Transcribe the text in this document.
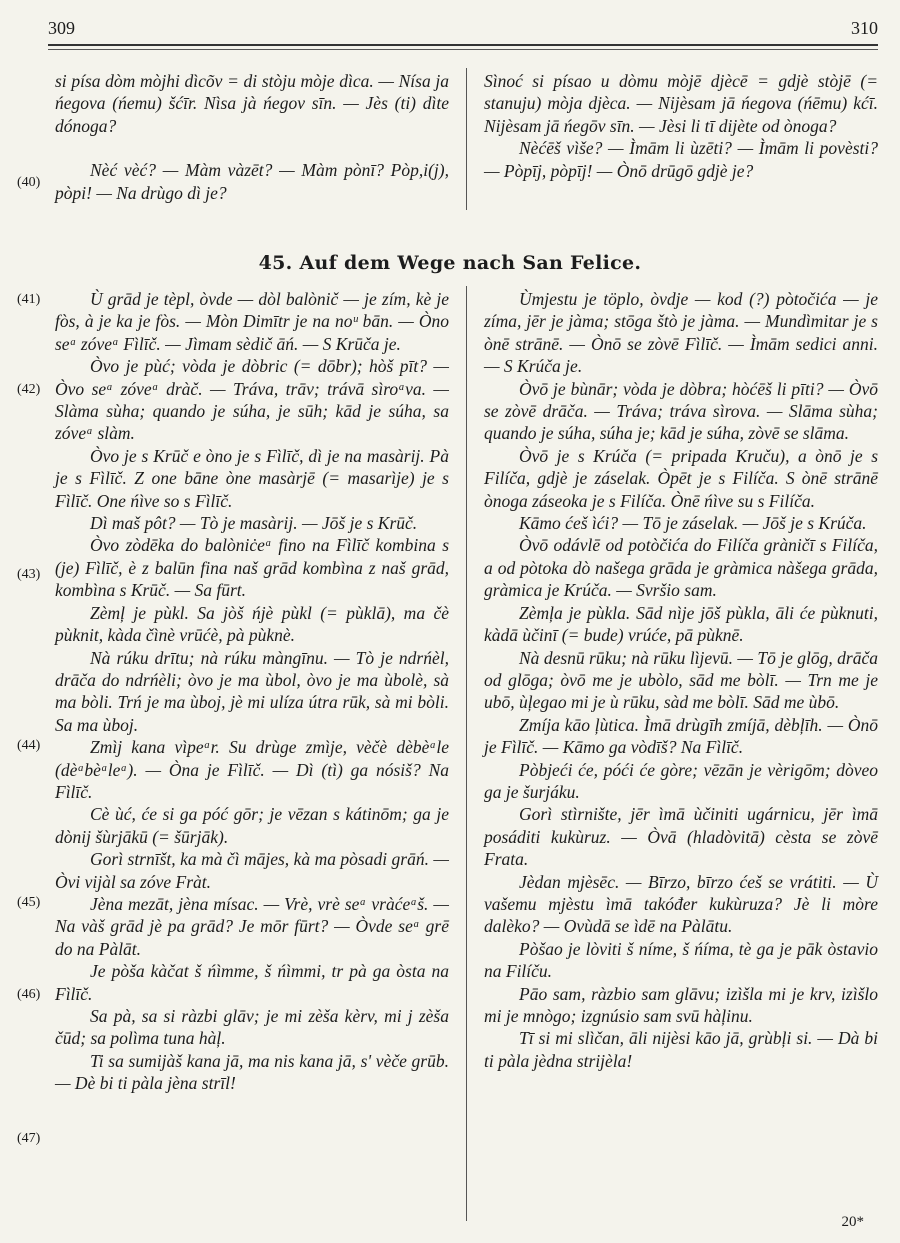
309	310

si písa dòm mòjhi dìcõv = di stòju mòje dìca. — Nísa ja ńegova (ńemu) šćīr. Nìsa jà ńegov sīn. — Jès (ti) dìte dónoga?

Nèć vèć? — Màm vàzēt? — Màm pònī? Pòp,i(j), pòpi! — Na drùgo dì je?

Sìnoć si písao u dòmu mòjē djècē = gdjè stòjē (= stanuju) mòja djèca. — Nijèsam jā ńegova (ńēmu) kćī. Nijèsam jā ńegōv sīn. — Jèsi li tī dijète od ònoga?

Nèćēš vìše? — Ìmām li ùzēti? — Ìmām li povèsti? — Pòpīj, pòpīj! — Ònō drūgō gdjè je?

(40)
45. Auf dem Wege nach San Felice.

Ù grād je tèpl, òvde — dòl balònič — je zím, kè je fòs, à je ka je fòs. — Mòn Dimītr je na noᵘ bān. — Òno seᵃ zóveᵃ Fìlīč. — Jìmam sèdič āń. — S Krūča je.

Òvo je pùć; vòda je dòbric (= dōbr); hòš pīt? — Òvo seᵃ zóveᵃ dràč. — Tráva, trāv; trávā sìroᵃva. — Slàma sùha; quando je súha, je sūh; kād je súha, sa zóveᵃ slàm.

Òvo je s Krūč e òno je s Fìlīč, dì je na masàrij. Pà je s Fìlīč. Z one bāne òne masàrjē (= masarìje) je s Fìlīč. One ńìve so s Fìlīč.

Dì maš pôt? — Tò je masàrij. — Jōš je s Krūč.

Òvo zòdēka do balòniċeᵃ fino na Fìlīč kombina s (je) Fìlīč, è z balūn fina naš grād kombìna z naš grād, kombìna s Krūč. — Sa fūrt.

Zèmļ je pùkl. Sa jòš ńjè pùkl (= pùklā), ma čè pùknit, kàda čìnè vrūćè, pà pùknè.

Nà rúku drītu; nà rúku màngīnu. — Tò je ndrńèl, drāča do ndrńèli; òvo je ma ùbol, òvo je ma ùbolè, sà ma bòli. Trń je ma ùboj, jè mi ulíza útra rūk, sà mi bòli. Sa ma ùboj.

Zmìj kana vìpeᵃr. Su drùge zmìje, vèčè dèbèᵃle (dèᵃbèᵃleᵃ). — Òna je Fìlīč. — Dì (tì) ga nósiš? Na Fìlīč.

Cè ùć, će si ga póć gōr; je vēzan s kátinōm; ga je dònij šùrjākū (= šūrjāk).

Gorì strnīšt, ka mà čì mājes, kà ma pòsadi grāń. — Òvi vijàl sa zóve Fràt.

Jèna mezāt, jèna mísac. — Vrè, vrè seᵃ vràćeᵃš. — Na vàš grād jè pa grād? Je mōr fūrt? — Òvde seᵃ grē do na Pàlāt.

Je pòša kàčat š ńìmme, š ńìmmi, tr pà ga òsta na Fìlīč.

Sa pà, sa si ràzbi glāv; je mi zèša kèrv, mi j zèša čūd; sa polìma tuna hàļ.

Ti sa sumijàš kana jā, ma nis kana jā, s' vèče grūb. — Dè bi ti pàla jèna strīl!

Ùmjestu je töplo, òvdje — kod (?) pòtočića — je zíma, jēr je jàma; stōga štò je jàma. — Mundìmitar je s ònē strānē. — Ònō se zòvē Fìlīč. — Ìmām sedici anni. — S Krúča je.

Òvō je bùnār; vòda je dòbra; hòćēš li pīti? — Òvō se zòvē drāča. — Tráva; tráva sìrova. — Slāma sùha; quando je súha, súha je; kād je súha, zòvē se slāma.

Òvō je s Krúča (= pripada Kruču), a ònō je s Filíča, gdjè je záselak. Òpēt je s Filíča. S ònē strānē ònoga záseoka je s Filíča. Ònē ńìve su s Filíča.

Kāmo ćeš ìći? — Tō je záselak. — Jōš je s Krúča.

Òvō odávlē od potòčića do Filíča gràničī s Filíča, a od pòtoka dò našega grāda je gràmica nàšega grāda, gràmica je Krúča. — Svršio sam.

Zèmļa je pùkla. Sād nìje jōš pùkla, āli će pùknuti, kàdā ùčinī (= bude) vrúće, pā pùknē.

Nà desnū rūku; nà rūku lìjevū. — Tō je glōg, drāča od glōga; òvō me je ubòlo, sād me bòlī. — Trn me je ubō, ùļegao mi je ù rūku, sàd me bòlī. Sād me ùbō.

Zmíja kāo ļùtica. Ìmā drùgīh zmíjā, dèbļīh. — Ònō je Fìlīč. — Kāmo ga vòdīš? Na Fìlīč.

Pòbjeći će, póći će gòre; vēzān je vèrigōm; dòveo ga je šurjáku.

Gorì stìrnište, jēr ìmā ùčiniti ugárnicu, jēr ìmā posáditi kukùruz. — Òvā (hladòvitā) cèsta se zòvē Frata.

Jèdan mjèsēc. — Bīrzo, bīrzo ćeš se vrátiti. — Ù vašemu mjèstu ìmā takóđer kukùruza? Jè li mòre dalèko? — Ovùdā se ìdē na Pàlātu.

Pòšao je lòviti š níme, š ńíma, tè ga je pāk òstavio na Filíču.

Pāo sam, ràzbio sam glāvu; izìšla mi je krv, izìšlo mi je mnògo; izgnúsio sam svū hàļinu.

Tī si mi slìčan, āli nijèsi kāo jā, grùbļi si. — Dà bi ti pàla jèdna strijèla!

(41)
(42)
(43)
(44)
(45)
(46)
(47)
20*
